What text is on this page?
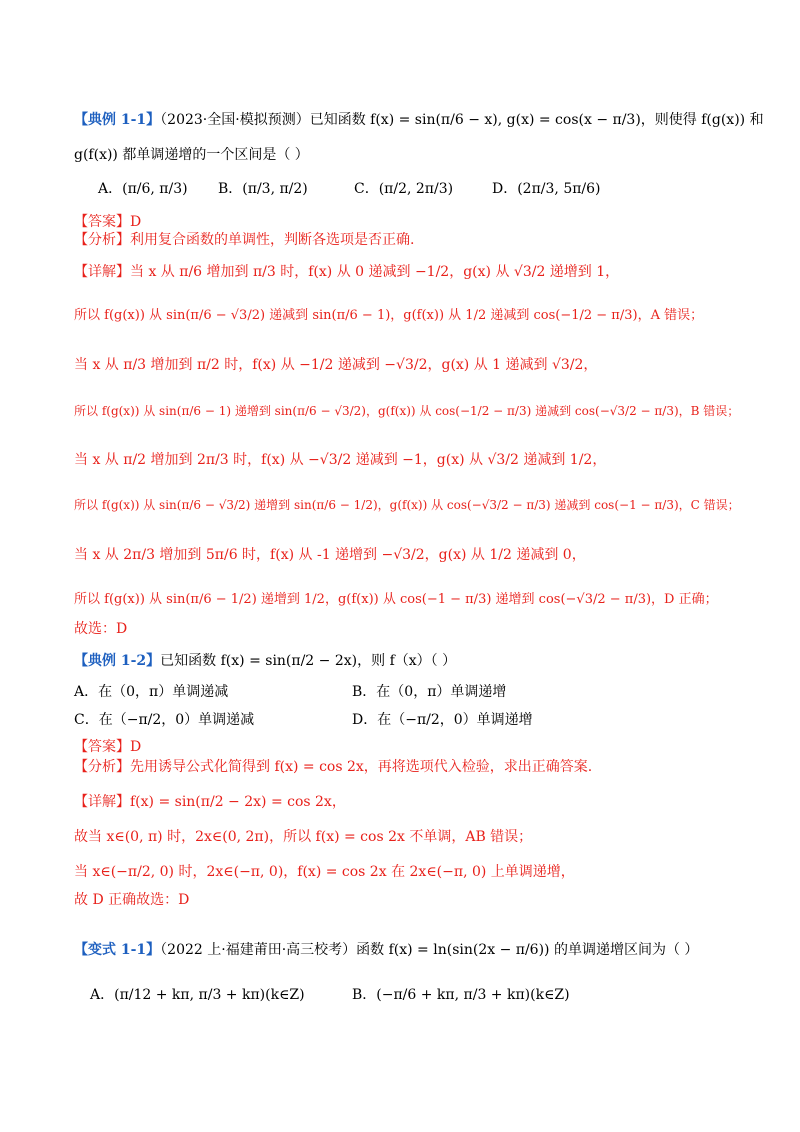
【典例 1-1】（2023·全国·模拟预测）已知函数 f(x) = sin(π/6 − x), g(x) = cos(x − π/3)，则使得 f(g(x)) 和
g(f(x)) 都单调递增的一个区间是（ ）
A．(π/6, π/3) B．(π/3, π/2)	C．(π/2, 2π/3)	D．(2π/3, 5π/6)
【答案】D
【分析】利用复合函数的单调性，判断各选项是否正确.
【详解】当 x 从 π/6 增加到 π/3 时，f(x) 从 0 递减到 −1/2，g(x) 从 √3/2 递增到 1，
所以 f(g(x)) 从 sin(π/6 − √3/2) 递减到 sin(π/6 − 1)，g(f(x)) 从 1/2 递减到 cos(−1/2 − π/3)，A 错误；
当 x 从 π/3 增加到 π/2 时，f(x) 从 −1/2 递减到 −√3/2，g(x) 从 1 递减到 √3/2，
所以 f(g(x)) 从 sin(π/6 − 1) 递增到 sin(π/6 − √3/2)，g(f(x)) 从 cos(−1/2 − π/3) 递减到 cos(−√3/2 − π/3)，B 错误；
当 x 从 π/2 增加到 2π/3 时，f(x) 从 −√3/2 递减到 −1，g(x) 从 √3/2 递减到 1/2，
所以 f(g(x)) 从 sin(π/6 − √3/2) 递增到 sin(π/6 − 1/2)，g(f(x)) 从 cos(−√3/2 − π/3) 递减到 cos(−1 − π/3)，C 错误；
当 x 从 2π/3 增加到 5π/6 时，f(x) 从 -1 递增到 −√3/2，g(x) 从 1/2 递减到 0，
所以 f(g(x)) 从 sin(π/6 − 1/2) 递增到 1/2，g(f(x)) 从 cos(−1 − π/3) 递增到 cos(−√3/2 − π/3)，D 正确；
故选：D
【典例 1-2】已知函数 f(x) = sin(π/2 − 2x)，则 f（x）（ ）
A．在（0，π）单调递减	B．在（0，π）单调递增
C．在（−π/2，0）单调递减	D．在（−π/2，0）单调递增
【答案】D
【分析】先用诱导公式化简得到 f(x) = cos 2x，再将选项代入检验，求出正确答案.
【详解】f(x) = sin(π/2 − 2x) = cos 2x，
故当 x∈(0, π) 时，2x∈(0, 2π)，所以 f(x) = cos 2x 不单调，AB 错误；
当 x∈(−π/2, 0) 时，2x∈(−π, 0)，f(x) = cos 2x 在 2x∈(−π, 0) 上单调递增，
故 D 正确故选：D
【变式 1-1】（2022 上·福建莆田·高三校考）函数 f(x) = ln(sin(2x − π/6)) 的单调递增区间为（ ）
A．(π/12 + kπ, π/3 + kπ)(k∈Z)	B．(−π/6 + kπ, π/3 + kπ)(k∈Z)
